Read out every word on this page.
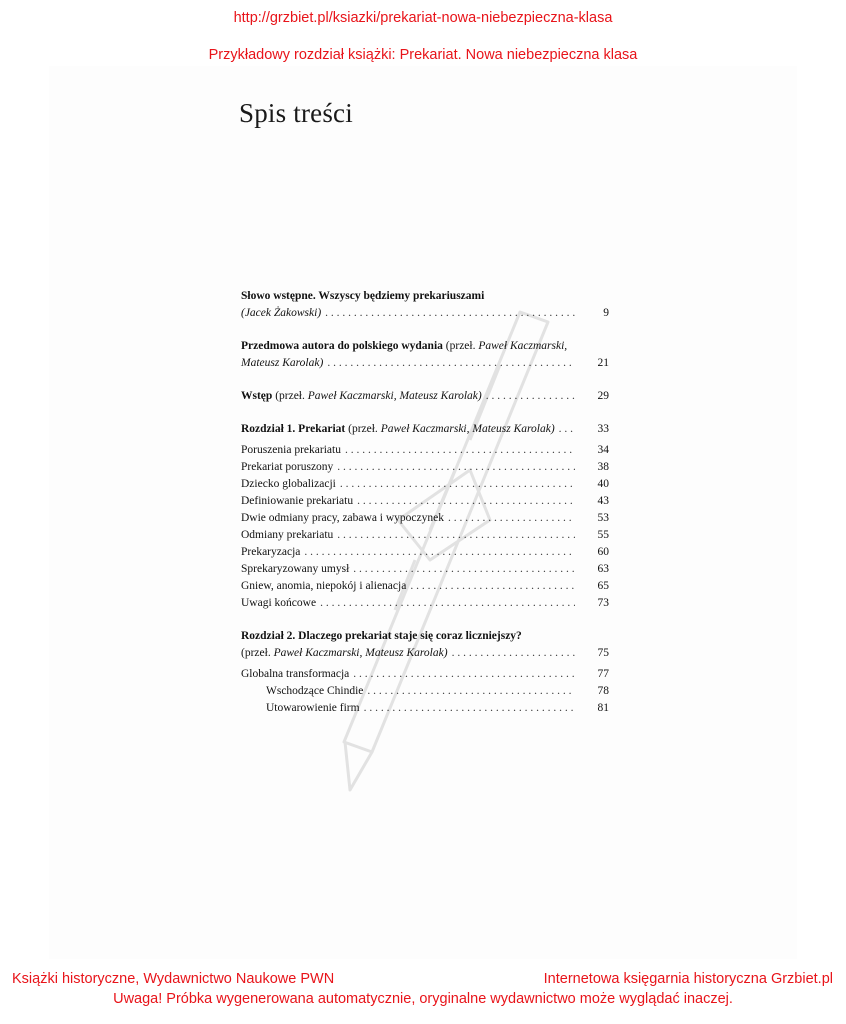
http://grzbiet.pl/ksiazki/prekariat-nowa-niebezpieczna-klasa
Przykładowy rozdział książki: Prekariat. Nowa niebezpieczna klasa
Spis treści
Słowo wstępne. Wszyscy będziemy prekariuszami
(Jacek Żakowski) . . .	9
Przedmowa autora do polskiego wydania (przeł. Paweł Kaczmarski,
Mateusz Karolak) . . .	21
Wstęp (przeł. Paweł Kaczmarski, Mateusz Karolak) . . .	29
Rozdział 1. Prekariat (przeł. Paweł Kaczmarski, Mateusz Karolak) . . .	33
Poruszenia prekariatu . . .	34
Prekariat poruszony . . .	38
Dziecko globalizacji . . .	40
Definiowanie prekariatu . . .	43
Dwie odmiany pracy, zabawa i wypoczynek . . .	53
Odmiany prekariatu . . .	55
Prekaryzacja . . .	60
Sprekaryzowany umysł . . .	63
Gniew, anomia, niepokój i alienacja . . .	65
Uwagi końcowe . . .	73
Rozdział 2. Dlaczego prekariat staje się coraz liczniejszy?
(przeł. Paweł Kaczmarski, Mateusz Karolak) . . .	75
Globalna transformacja . . .	77
Wschodzące Chindie . . .	78
Utowarowienie firm . . .	81
Książki historyczne, Wydawnictwo Naukowe PWN	Internetowa księgarnia historyczna Grzbiet.pl
Uwaga! Próbka wygenerowana automatycznie, oryginalne wydawnictwo może wyglądać inaczej.
